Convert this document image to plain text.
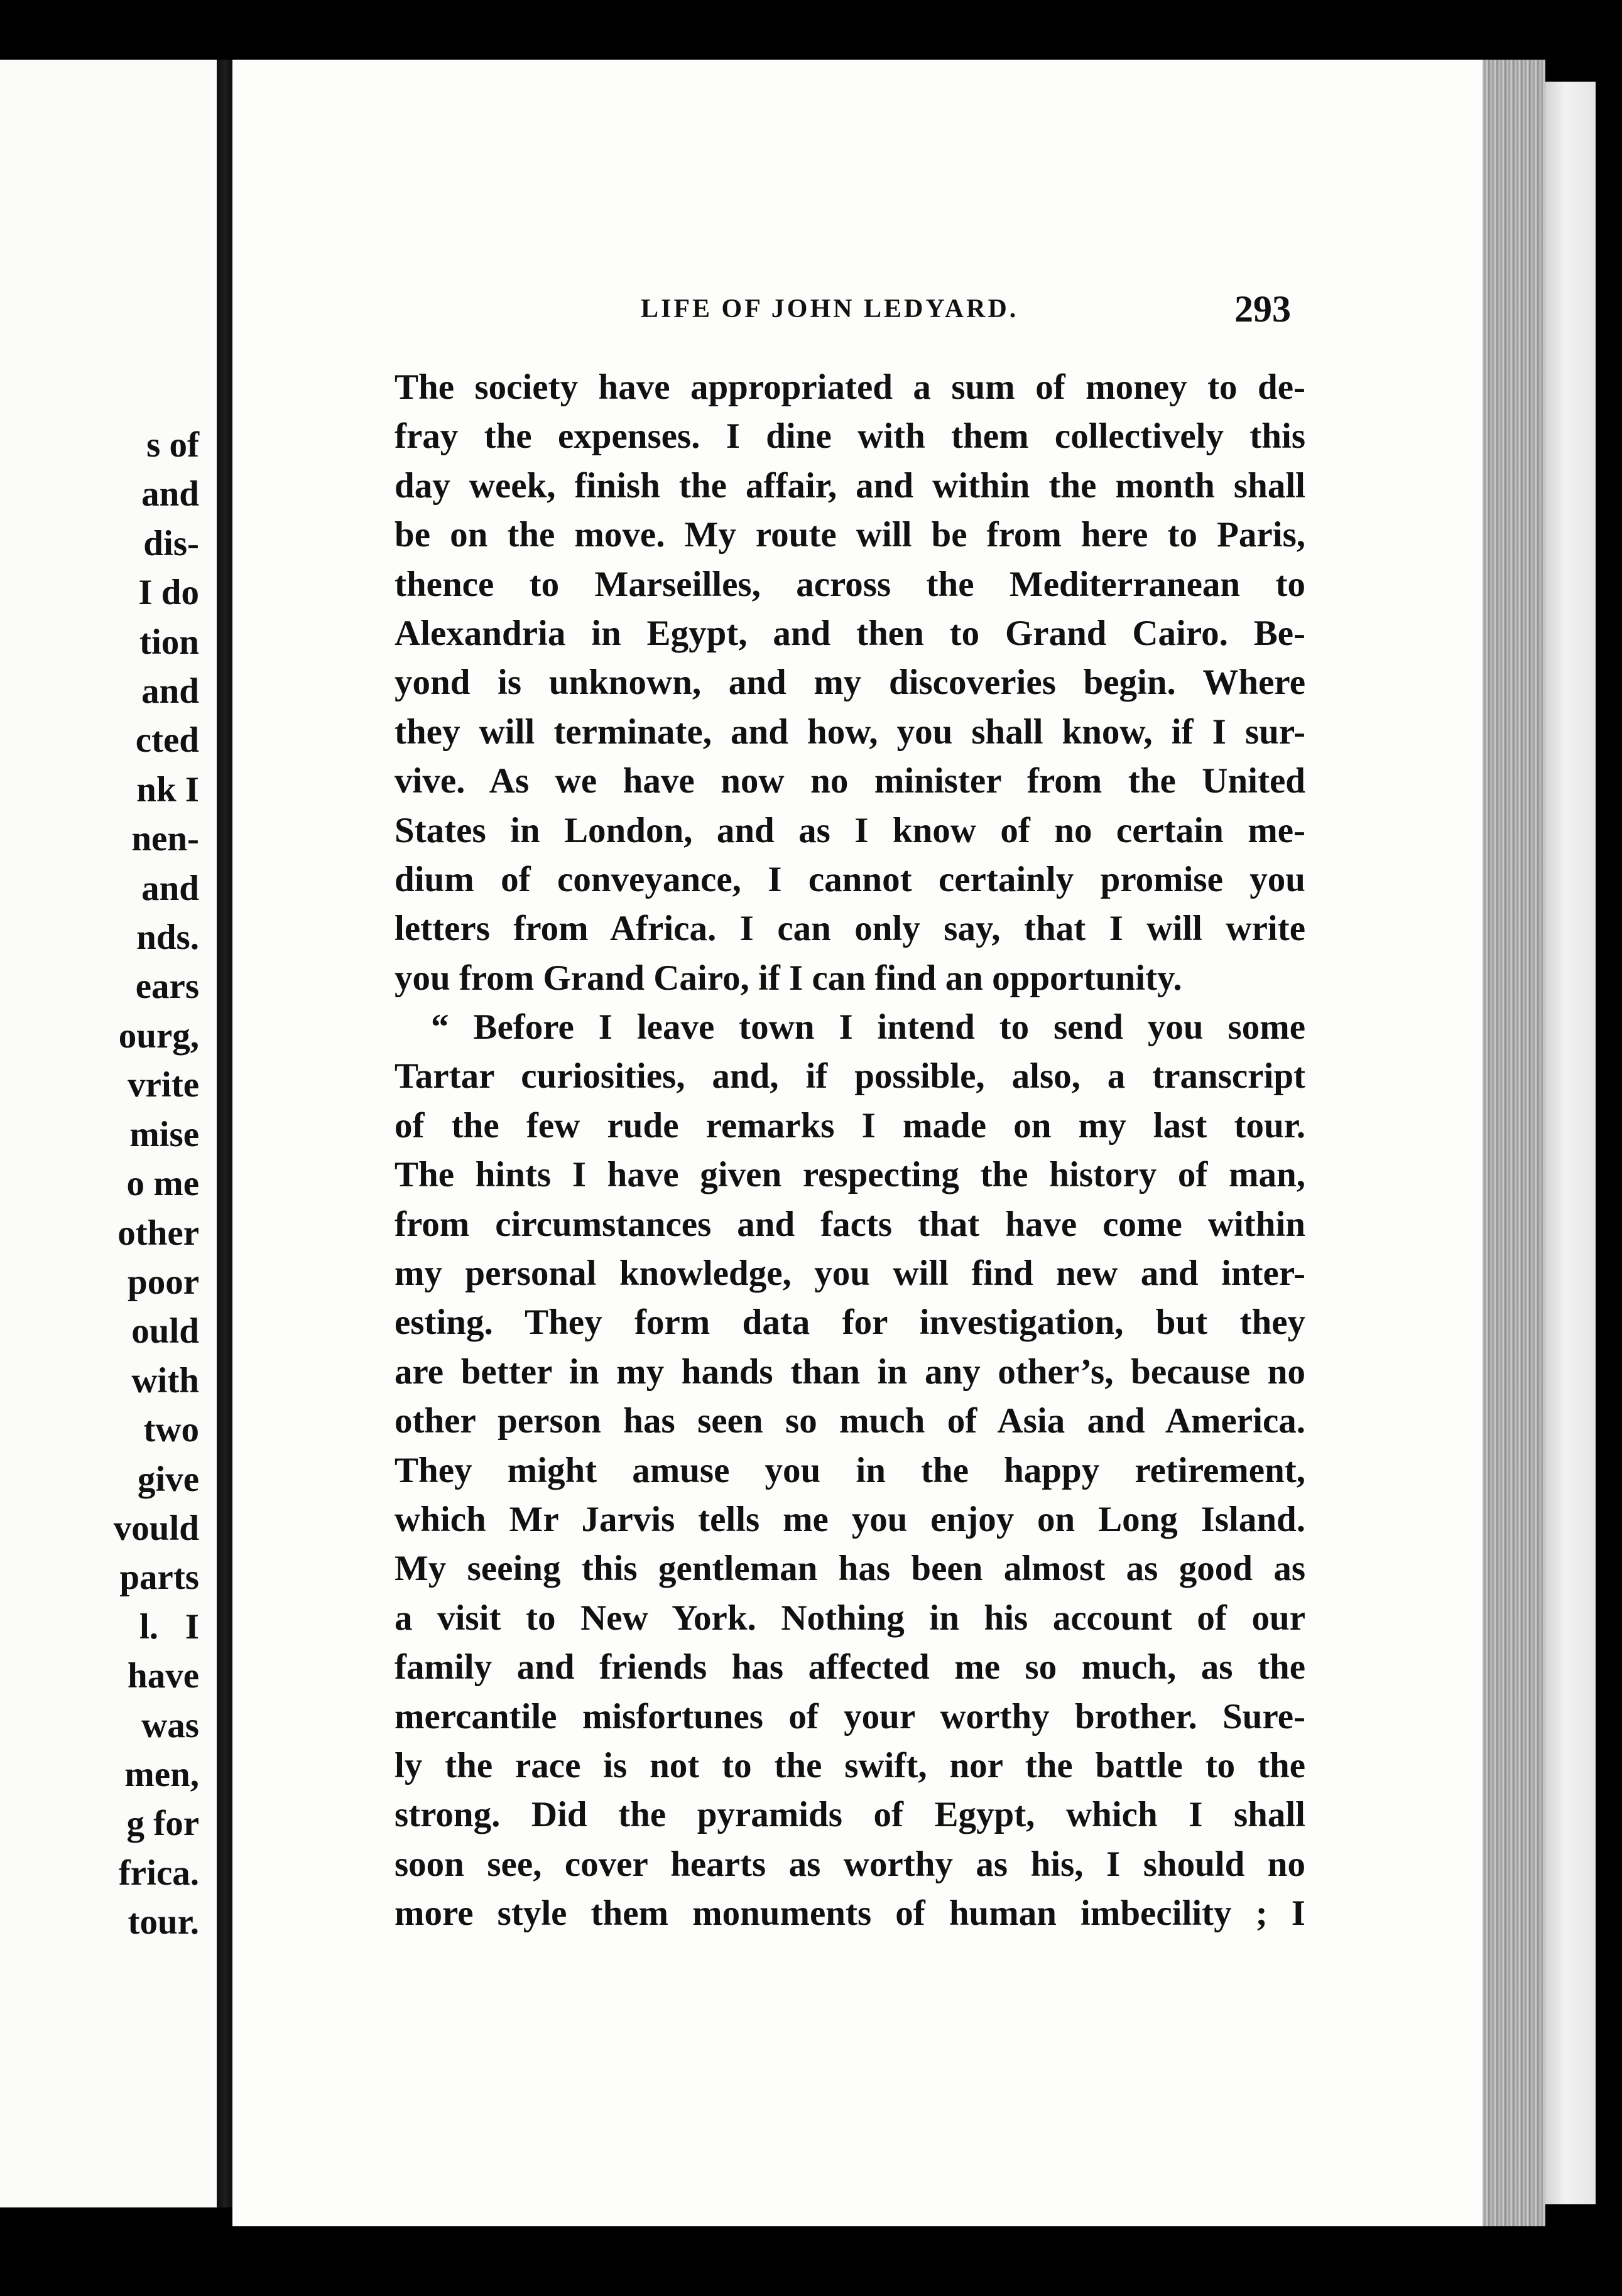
s of
and
dis-
I do
tion
and
cted
nk I
nen-
and
nds.
ears
ourg,
vrite
mise
o me
other
poor
ould
with
two
give
vould
parts
l.   I
have
was
men,
g for
frica.
tour.
LIFE OF JOHN LEDYARD.	293
The society have appropriated a sum of money to de-
fray the expenses. I dine with them collectively this
day week, finish the affair, and within the month shall
be on the move. My route will be from here to Paris,
thence to Marseilles, across the Mediterranean to
Alexandria in Egypt, and then to Grand Cairo. Be-
yond is unknown, and my discoveries begin. Where
they will terminate, and how, you shall know, if I sur-
vive. As we have now no minister from the United
States in London, and as I know of no certain me-
dium of conveyance, I cannot certainly promise you
letters from Africa. I can only say, that I will write
you from Grand Cairo, if I can find an opportunity.
“ Before I leave town I intend to send you some
Tartar curiosities, and, if possible, also, a transcript
of the few rude remarks I made on my last tour.
The hints I have given respecting the history of man,
from circumstances and facts that have come within
my personal knowledge, you will find new and inter-
esting. They form data for investigation, but they
are better in my hands than in any other’s, because no
other person has seen so much of Asia and America.
They might amuse you in the happy retirement,
which Mr Jarvis tells me you enjoy on Long Island.
My seeing this gentleman has been almost as good as
a visit to New York. Nothing in his account of our
family and friends has affected me so much, as the
mercantile misfortunes of your worthy brother. Sure-
ly the race is not to the swift, nor the battle to the
strong. Did the pyramids of Egypt, which I shall
soon see, cover hearts as worthy as his, I should no
more style them monuments of human imbecility ; I
